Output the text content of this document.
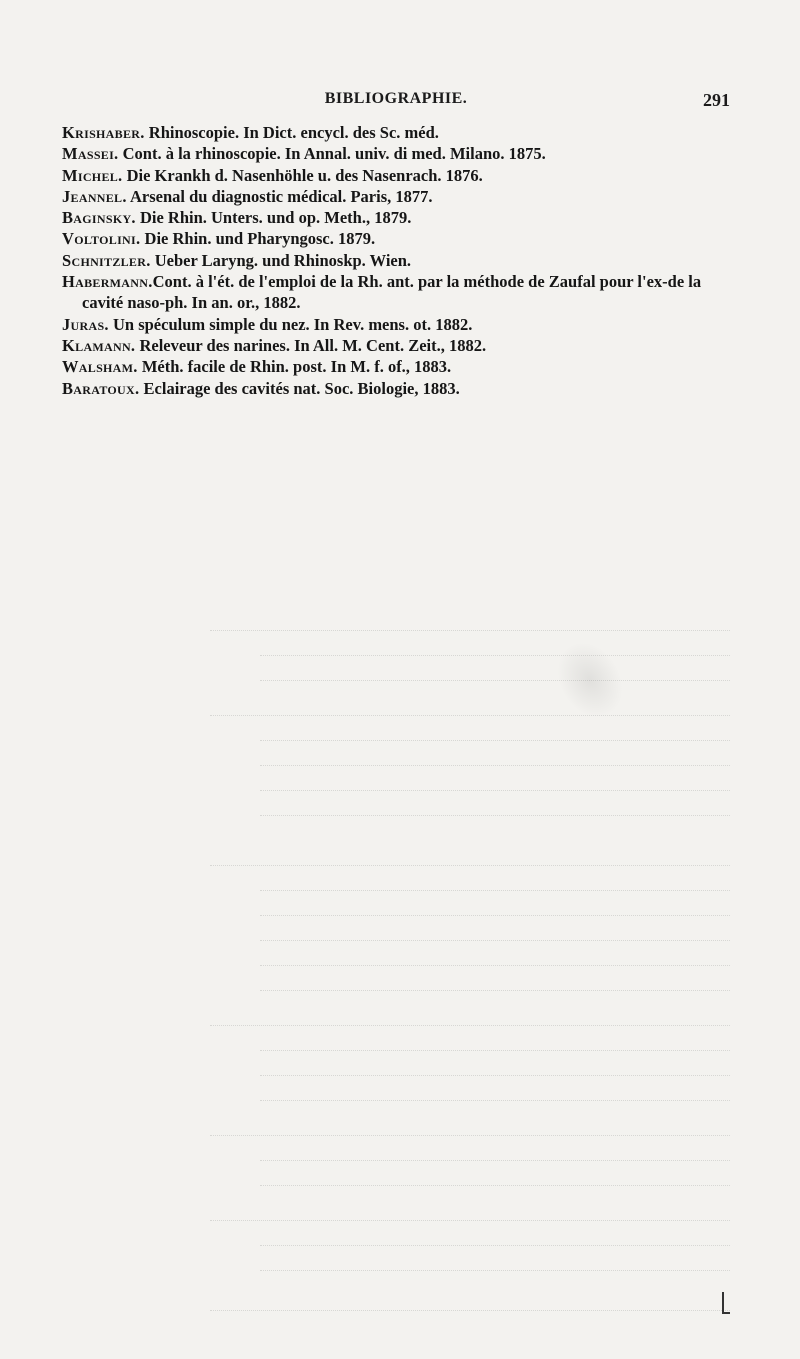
BIBLIOGRAPHIE.	291
Krishaber. Rhinoscopie. In Dict. encycl. des Sc. méd.
Massei. Cont. à la rhinoscopie. In Annal. univ. di med. Milano. 1875.
Michel. Die Krankh d. Nasenhöhle u. des Nasenrach. 1876.
Jeannel. Arsenal du diagnostic médical. Paris, 1877.
Baginsky. Die Rhin. Unters. und op. Meth., 1879.
Voltolini. Die Rhin. und Pharyngosc. 1879.
Schnitzler. Ueber Laryng. und Rhinoskp. Wien.
Habermann.Cont. à l'ét. de l'emploi de la Rh. ant. par la méthode de Zaufal pour l'ex-de la cavité naso-ph. In an. or., 1882.
Juras. Un spéculum simple du nez. In Rev. mens. ot. 1882.
Klamann. Releveur des narines. In All. M. Cent. Zeit., 1882.
Walsham. Méth. facile de Rhin. post. In M. f. of., 1883.
Baratoux. Eclairage des cavités nat. Soc. Biologie, 1883.
